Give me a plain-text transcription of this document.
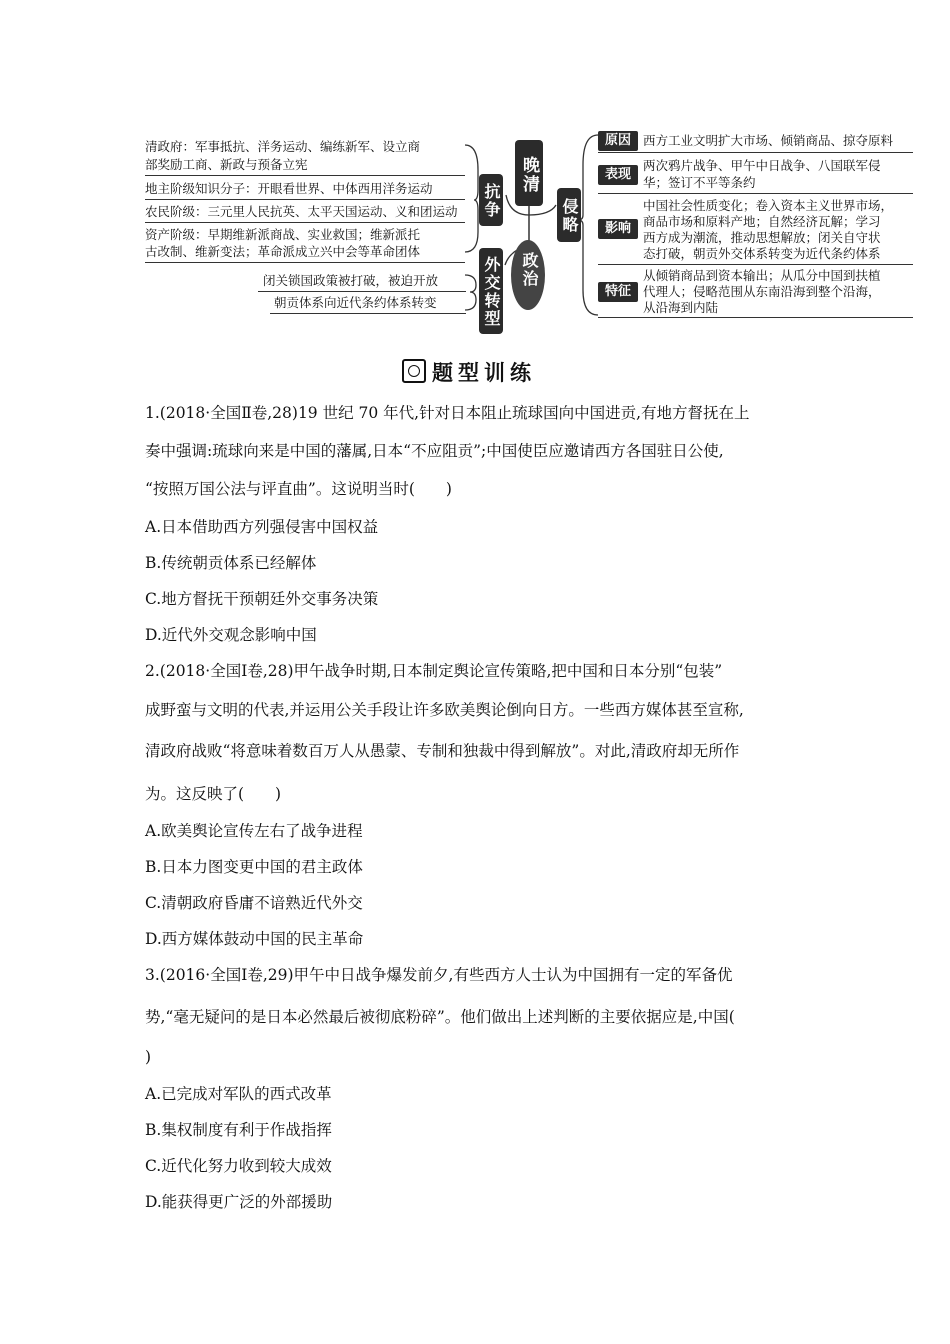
晚清
政治
抗争
外交转型
侵略
清政府：军事抵抗、洋务运动、编练新军、设立商
部奖励工商、新政与预备立宪
地主阶级知识分子：开眼看世界、中体西用洋务运动
农民阶级：三元里人民抗英、太平天国运动、义和团运动
资产阶级：早期维新派商战、实业救国；维新派托
古改制、维新变法；革命派成立兴中会等革命团体
闭关锁国政策被打破，被迫开放
朝贡体系向近代条约体系转变
原因 西方工业文明扩大市场、倾销商品、掠夺原料
表现
两次鸦片战争、甲午中日战争、八国联军侵
华；签订不平等条约
影响
中国社会性质变化；卷入资本主义世界市场，
商品市场和原料产地；自然经济瓦解；学习
西方成为潮流，推动思想解放；闭关自守状
态打破，朝贡外交体系转变为近代条约体系
特征
从倾销商品到资本输出；从瓜分中国到扶植
代理人；侵略范围从东南沿海到整个沿海，
从沿海到内陆
题型训练
1.(2018·全国Ⅱ卷,28)19 世纪 70 年代,针对日本阻止琉球国向中国进贡,有地方督抚在上
奏中强调:琉球向来是中国的藩属,日本“不应阻贡”;中国使臣应邀请西方各国驻日公使,
“按照万国公法与评直曲”。这说明当时(　　)
A.日本借助西方列强侵害中国权益
B.传统朝贡体系已经解体
C.地方督抚干预朝廷外交事务决策
D.近代外交观念影响中国
2.(2018·全国Ⅰ卷,28)甲午战争时期,日本制定舆论宣传策略,把中国和日本分别“包装”
成野蛮与文明的代表,并运用公关手段让许多欧美舆论倒向日方。一些西方媒体甚至宣称,
清政府战败“将意味着数百万人从愚蒙、专制和独裁中得到解放”。对此,清政府却无所作
为。这反映了(　　)
A.欧美舆论宣传左右了战争进程
B.日本力图变更中国的君主政体
C.清朝政府昏庸不谙熟近代外交
D.西方媒体鼓动中国的民主革命
3.(2016·全国Ⅰ卷,29)甲午中日战争爆发前夕,有些西方人士认为中国拥有一定的军备优
势,“毫无疑问的是日本必然最后被彻底粉碎”。他们做出上述判断的主要依据应是,中国(
)
A.已完成对军队的西式改革
B.集权制度有利于作战指挥
C.近代化努力收到较大成效
D.能获得更广泛的外部援助
